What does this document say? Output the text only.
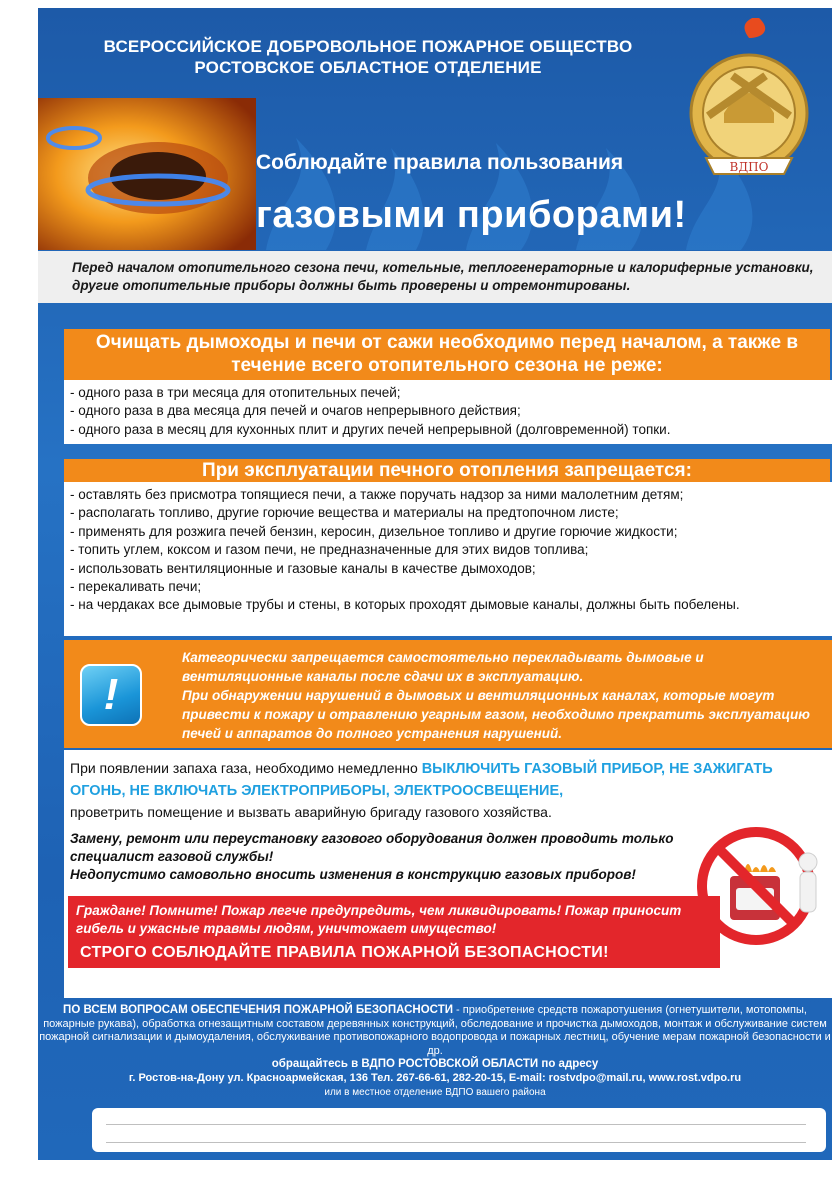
ВСЕРОССИЙСКОЕ ДОБРОВОЛЬНОЕ ПОЖАРНОЕ ОБЩЕСТВО
РОСТОВСКОЕ ОБЛАСТНОЕ ОТДЕЛЕНИЕ
ВДПО
Соблюдайте правила пользования
газовыми приборами!

Перед началом отопительного сезона печи, котельные, теплогенераторные и калориферные установки, другие отопительные приборы должны быть проверены и отремонтированы.

Очищать дымоходы и печи от сажи необходимо перед началом, а также в течение всего отопительного сезона не реже:
- одного раза в три месяца для отопительных печей;
- одного раза в два месяца для печей и очагов непрерывного действия;
- одного раза в месяц для кухонных плит и других печей непрерывной (долговременной) топки.
При эксплуатации печного отопления запрещается:
- оставлять без присмотра топящиеся печи, а также поручать надзор за ними малолетним детям;
- располагать топливо, другие горючие вещества и материалы на предтопочном листе;
- применять для розжига печей бензин, керосин, дизельное топливо и другие горючие жидкости;
- топить углем, коксом и газом печи, не предназначенные для этих видов топлива;
- использовать вентиляционные и газовые каналы в качестве дымоходов;
- перекаливать печи;
- на чердаках все дымовые трубы и стены, в которых проходят дымовые каналы, должны быть побелены.
!

Категорически запрещается самостоятельно перекладывать дымовые и вентиляционные каналы после сдачи их в эксплуатацию.
При обнаружении нарушений в дымовых и вентиляционных каналах, которые могут привести к пожару и отравлению угарным газом, необходимо прекратить эксплуатацию печей и аппаратов до полного устранения нарушений.

При появлении запаха газа, необходимо немедленно ВЫКЛЮЧИТЬ ГАЗОВЫЙ ПРИБОР, НЕ ЗАЖИГАТЬ ОГОНЬ, НЕ ВКЛЮЧАТЬ ЭЛЕКТРОПРИБОРЫ, ЭЛЕКТРООСВЕЩЕНИЕ,
проветрить помещение и вызвать аварийную бригаду газового хозяйства.
Замену, ремонт или переустановку газового оборудования должен проводить только специалист газовой службы!
Недопустимо самовольно вносить изменения в конструкцию газовых приборов!

Граждане! Помните! Пожар легче предупредить, чем ликвидировать! Пожар приносит гибель и ужасные травмы людям, уничтожает имущество!
СТРОГО СОБЛЮДАЙТЕ ПРАВИЛА ПОЖАРНОЙ БЕЗОПАСНОСТИ!

ПО ВСЕМ ВОПРОСАМ ОБЕСПЕЧЕНИЯ ПОЖАРНОЙ БЕЗОПАСНОСТИ - приобретение средств пожаротушения (огнетушители, мотопомпы, пожарные рукава), обработка огнезащитным составом деревянных конструкций, обследование и прочистка дымоходов, монтаж и обслуживание систем пожарной сигнализации и дымоудаления, обслуживание противопожарного водопровода и пожарных лестниц, обучение мерам пожарной безопасности и др.
обращайтесь в ВДПО РОСТОВСКОЙ ОБЛАСТИ по адресу
г. Ростов-на-Дону ул. Красноармейская, 136 Тел. 267-66-61, 282-20-15, E-mail: rostvdpo@mail.ru, www.rost.vdpo.ru
или в местное отделение ВДПО вашего района
